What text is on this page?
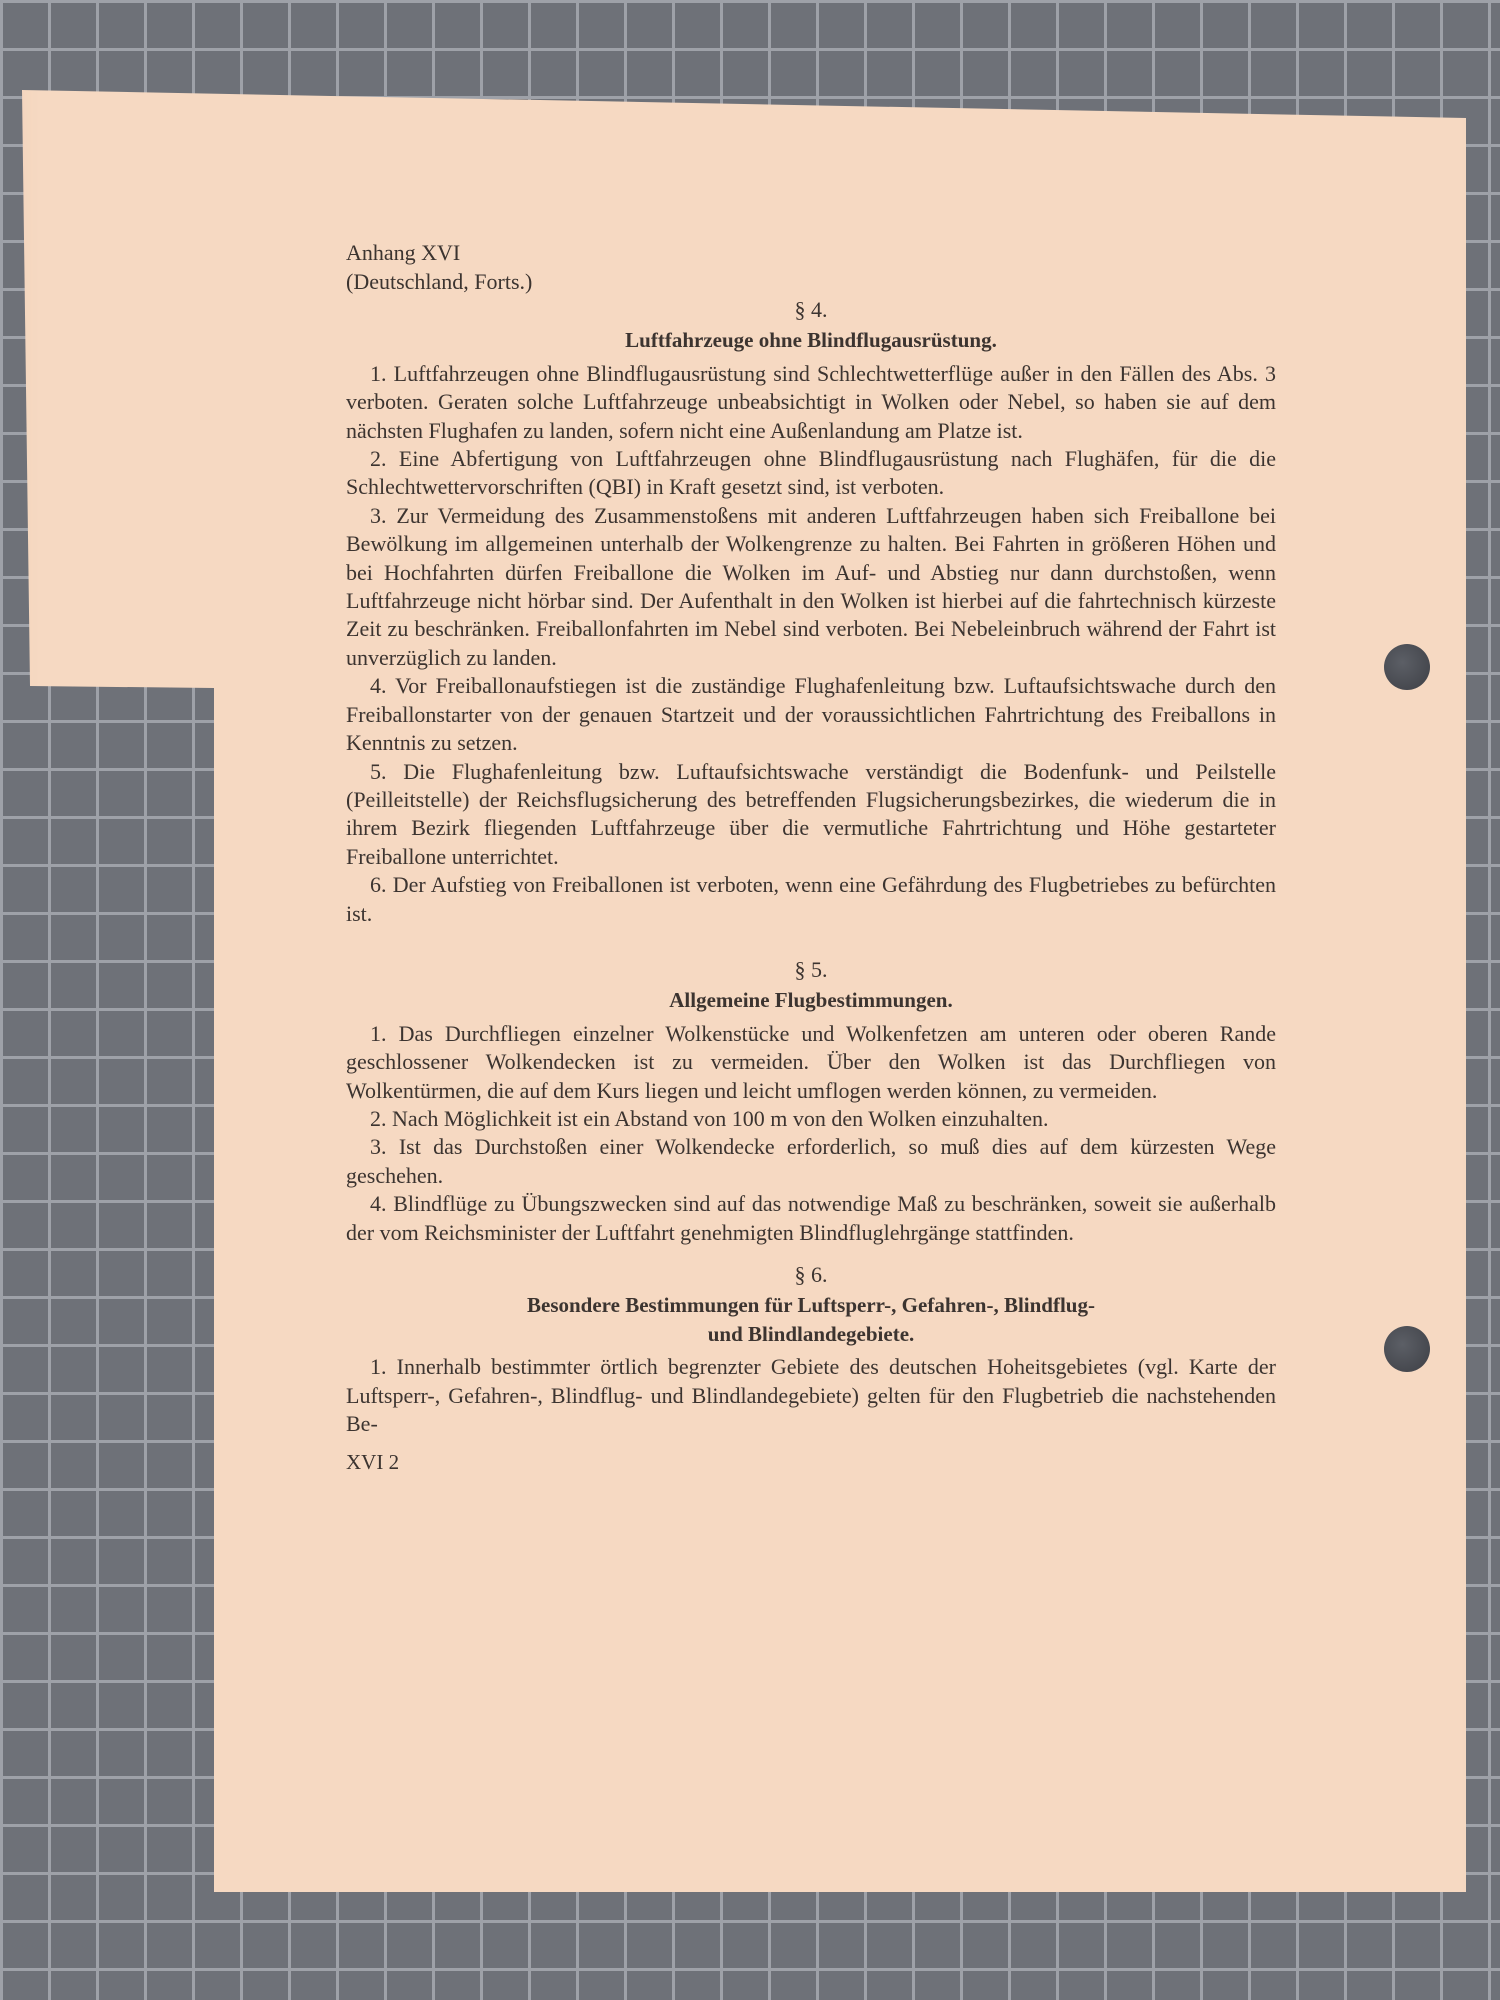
Anhang XVI
(Deutschland, Forts.)
§ 4.
Luftfahrzeuge ohne Blindflugausrüstung.

1. Luftfahrzeugen ohne Blindflugausrüstung sind Schlechtwetterflüge außer in den Fällen des Abs. 3 verboten. Geraten solche Luftfahrzeuge unbeabsichtigt in Wolken oder Nebel, so haben sie auf dem nächsten Flughafen zu landen, sofern nicht eine Außenlandung am Platze ist.

2. Eine Abfertigung von Luftfahrzeugen ohne Blindflugausrüstung nach Flughäfen, für die die Schlechtwettervorschriften (QBI) in Kraft gesetzt sind, ist verboten.

3. Zur Vermeidung des Zusammenstoßens mit anderen Luftfahrzeugen haben sich Freiballone bei Bewölkung im allgemeinen unterhalb der Wolkengrenze zu halten. Bei Fahrten in größeren Höhen und bei Hochfahrten dürfen Freiballone die Wolken im Auf- und Abstieg nur dann durchstoßen, wenn Luftfahrzeuge nicht hörbar sind. Der Aufenthalt in den Wolken ist hierbei auf die fahrtechnisch kürzeste Zeit zu beschränken. Freiballonfahrten im Nebel sind verboten. Bei Nebeleinbruch während der Fahrt ist unverzüglich zu landen.

4. Vor Freiballonaufstiegen ist die zuständige Flughafenleitung bzw. Luftaufsichtswache durch den Freiballonstarter von der genauen Startzeit und der voraussichtlichen Fahrtrichtung des Freiballons in Kenntnis zu setzen.

5. Die Flughafenleitung bzw. Luftaufsichtswache verständigt die Bodenfunk- und Peilstelle (Peilleitstelle) der Reichsflugsicherung des betreffenden Flugsicherungsbezirkes, die wiederum die in ihrem Bezirk fliegenden Luftfahrzeuge über die vermutliche Fahrtrichtung und Höhe gestarteter Freiballone unterrichtet.

6. Der Aufstieg von Freiballonen ist verboten, wenn eine Gefährdung des Flugbetriebes zu befürchten ist.

§ 5.
Allgemeine Flugbestimmungen.

1. Das Durchfliegen einzelner Wolkenstücke und Wolkenfetzen am unteren oder oberen Rande geschlossener Wolkendecken ist zu vermeiden. Über den Wolken ist das Durchfliegen von Wolkentürmen, die auf dem Kurs liegen und leicht umflogen werden können, zu vermeiden.

2. Nach Möglichkeit ist ein Abstand von 100 m von den Wolken einzuhalten.

3. Ist das Durchstoßen einer Wolkendecke erforderlich, so muß dies auf dem kürzesten Wege geschehen.

4. Blindflüge zu Übungszwecken sind auf das notwendige Maß zu beschränken, soweit sie außerhalb der vom Reichsminister der Luftfahrt genehmigten Blindfluglehrgänge stattfinden.

§ 6.
Besondere Bestimmungen für Luftsperr-, Gefahren-, Blindflug-
und Blindlandegebiete.

1. Innerhalb bestimmter örtlich begrenzter Gebiete des deutschen Hoheitsgebietes (vgl. Karte der Luftsperr-, Gefahren-, Blindflug- und Blindlandegebiete) gelten für den Flugbetrieb die nachstehenden Be-

XVI 2
